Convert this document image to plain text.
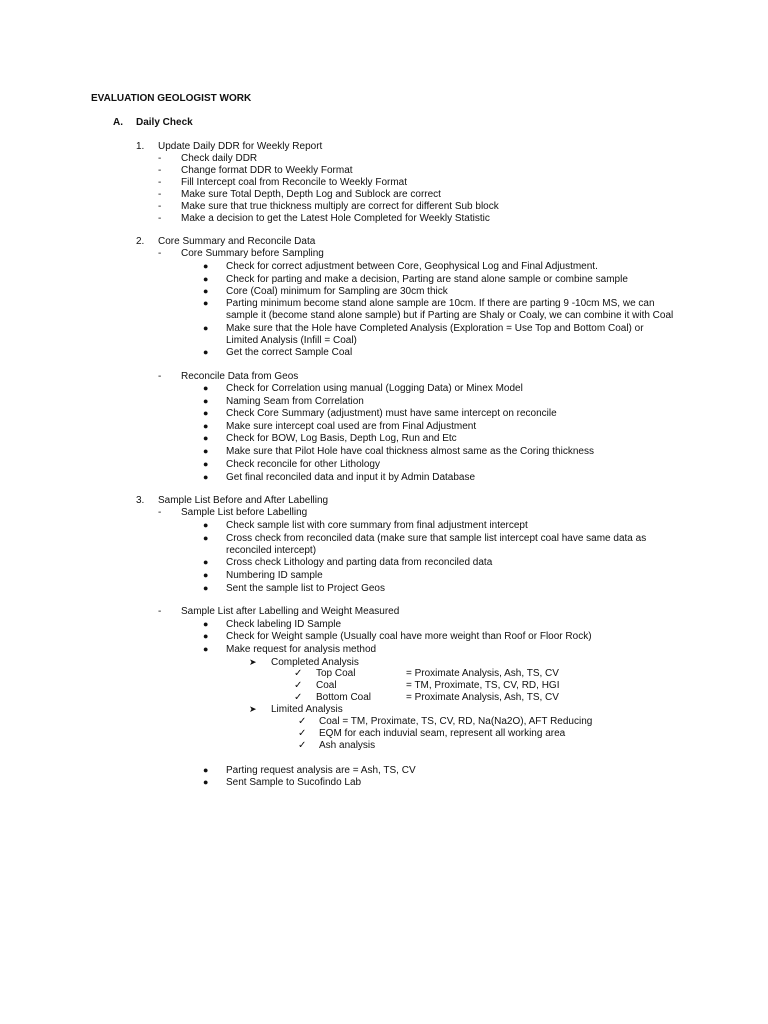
EVALUATION GEOLOGIST WORK
A. Daily Check
1. Update Daily DDR for Weekly Report
- Check daily DDR
- Change format DDR to Weekly Format
- Fill Intercept coal from Reconcile to Weekly Format
- Make sure Total Depth, Depth Log and Sublock are correct
- Make sure that true thickness multiply are correct for different Sub block
- Make a decision to get the Latest Hole Completed for Weekly Statistic
2. Core Summary and Reconcile Data
- Core Summary before Sampling
● Check for correct adjustment between Core, Geophysical Log and Final Adjustment.
● Check for parting and make a decision, Parting are stand alone sample or combine sample
● Core (Coal) minimum for Sampling are 30cm thick
● Parting minimum become stand alone sample are 10cm. If there are parting 9 -10cm MS, we can
sample it (become stand alone sample) but if Parting are Shaly or Coaly, we can combine it with Coal
● Make sure that the Hole have Completed Analysis (Exploration = Use Top and Bottom Coal) or
Limited Analysis (Infill = Coal)
● Get the correct Sample Coal
- Reconcile Data from Geos
● Check for Correlation using manual (Logging Data) or Minex Model
● Naming Seam from Correlation
● Check Core Summary (adjustment) must have same intercept on reconcile
● Make sure intercept coal used are from Final Adjustment
● Check for BOW, Log Basis, Depth Log, Run and Etc
● Make sure that Pilot Hole have coal thickness almost same as the Coring thickness
● Check reconcile for other Lithology
● Get final reconciled data and input it by Admin Database
3. Sample List Before and After Labelling
- Sample List before Labelling
● Check sample list with core summary from final adjustment intercept
● Cross check from reconciled data (make sure that sample list intercept coal have same data as
reconciled intercept)
● Cross check Lithology and parting data from reconciled data
● Numbering ID sample
● Sent the sample list to Project Geos
- Sample List after Labelling and Weight Measured
● Check labeling ID Sample
● Check for Weight sample (Usually coal have more weight than Roof or Floor Rock)
● Make request for analysis method
➤ Completed Analysis
✓ Top Coal	= Proximate Analysis, Ash, TS, CV
✓ Coal	= TM, Proximate, TS, CV, RD, HGI
✓ Bottom Coal	= Proximate Analysis, Ash, TS, CV
➤ Limited Analysis
✓ Coal = TM, Proximate, TS, CV, RD, Na(Na2O), AFT Reducing
✓ EQM for each induvial seam, represent all working area
✓ Ash analysis
● Parting request analysis are = Ash, TS, CV
● Sent Sample to Sucofindo Lab
